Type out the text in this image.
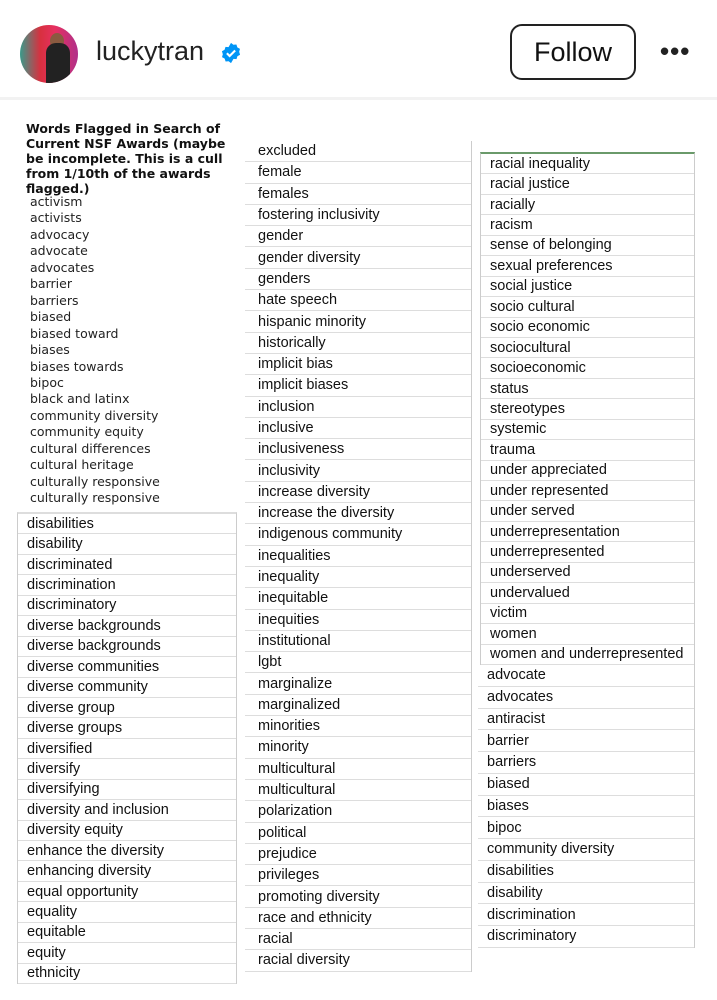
luckytran	Follow	•••
Words Flagged in Search of Current NSF Awards (maybe be incomplete. This is a cull from 1/10th of the awards flagged.)
activism
activists
advocacy
advocate
advocates
barrier
barriers
biased
biased toward
biases
biases towards
bipoc
black and latinx
community diversity
community equity
cultural differences
cultural heritage
culturally responsive
culturally responsive
disabilities
disability
discriminated
discrimination
discriminatory
diverse backgrounds
diverse backgrounds
diverse communities
diverse community
diverse group
diverse groups
diversified
diversify
diversifying
diversity and inclusion
diversity equity
enhance the diversity
enhancing diversity
equal opportunity
equality
equitable
equity
ethnicity
excluded
female
females
fostering inclusivity
gender
gender diversity
genders
hate speech
hispanic minority
historically
implicit bias
implicit biases
inclusion
inclusive
inclusiveness
inclusivity
increase diversity
increase the diversity
indigenous community
inequalities
inequality
inequitable
inequities
institutional
lgbt
marginalize
marginalized
minorities
minority
multicultural
multicultural
polarization
political
prejudice
privileges
promoting diversity
race and ethnicity
racial
racial diversity
racial inequality
racial justice
racially
racism
sense of belonging
sexual preferences
social justice
socio cultural
socio economic
sociocultural
socioeconomic
status
stereotypes
systemic
trauma
under appreciated
under represented
under served
underrepresentation
underrepresented
underserved
undervalued
victim
women
women and underrepresented
advocate
advocates
antiracist
barrier
barriers
biased
biases
bipoc
community diversity
disabilities
disability
discrimination
discriminatory
